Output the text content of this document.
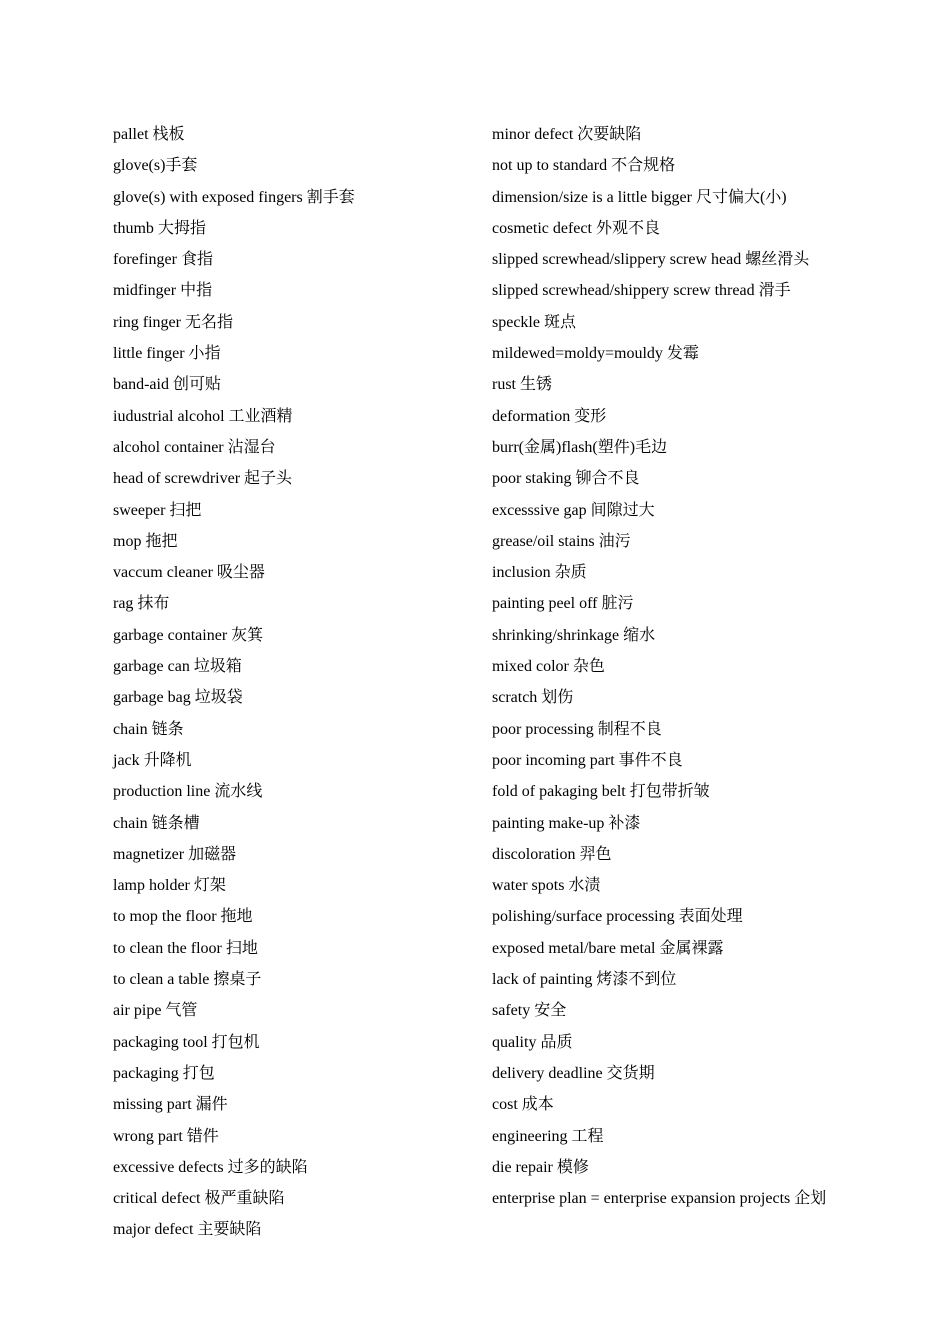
pallet 栈板
glove(s)手套
glove(s) with exposed fingers 割手套
thumb 大拇指
forefinger 食指
midfinger 中指
ring finger 无名指
little finger 小指
band-aid 创可贴
iudustrial alcohol 工业酒精
alcohol container 沾湿台
head of screwdriver 起子头
sweeper 扫把
mop 拖把
vaccum cleaner 吸尘器
rag 抹布
garbage container 灰箕
garbage can 垃圾箱
garbage bag 垃圾袋
chain 链条
jack 升降机
production line 流水线
chain 链条槽
magnetizer 加磁器
lamp holder 灯架
to mop the floor 拖地
to clean the floor 扫地
to clean a table 擦桌子
air pipe 气管
packaging tool 打包机
packaging 打包
missing part 漏件
wrong part 错件
excessive defects 过多的缺陷
critical defect 极严重缺陷
major defect 主要缺陷
minor defect 次要缺陷
not up to standard 不合规格
dimension/size is a little bigger 尺寸偏大(小)
cosmetic defect 外观不良
slipped screwhead/slippery screw head 螺丝滑头
slipped screwhead/shippery screw thread 滑手
speckle 斑点
mildewed=moldy=mouldy 发霉
rust 生锈
deformation 变形
burr(金属)flash(塑件)毛边
poor staking 铆合不良
excesssive gap 间隙过大
grease/oil stains 油污
inclusion 杂质
painting peel off 脏污
shrinking/shrinkage 缩水
mixed color 杂色
scratch 划伤
poor processing 制程不良
poor incoming part 事件不良
fold of pakaging belt 打包带折皱
painting make-up 补漆
discoloration 羿色
water spots 水渍
polishing/surface processing 表面处理
exposed metal/bare metal 金属裸露
lack of painting 烤漆不到位
safety 安全
quality 品质
delivery deadline 交货期
cost 成本
engineering 工程
die repair 模修
enterprise plan = enterprise expansion projects 企划
